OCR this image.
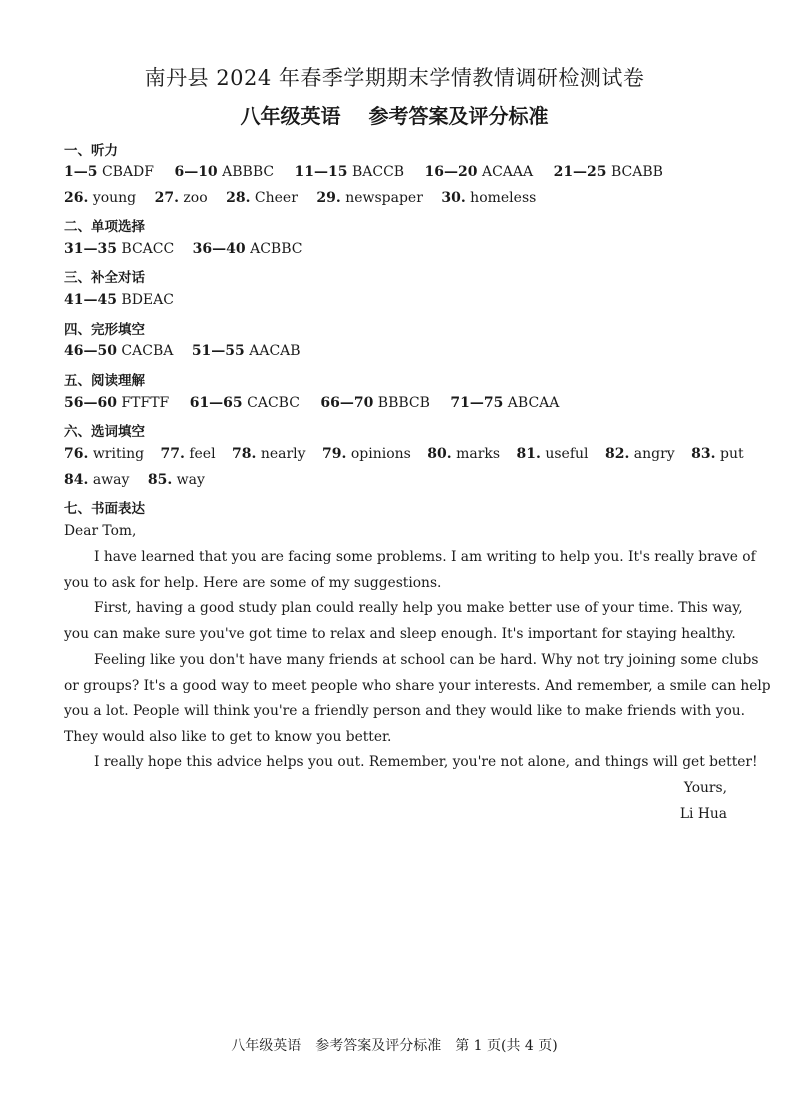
南丹县 2024 年春季学期期末学情教情调研检测试卷
八年级英语 参考答案及评分标准
一、听力
1—5 CBADF 6—10 ABBBC 11—15 BACCB 16—20 ACAAA 21—25 BCABB
26. young 27. zoo 28. Cheer 29. newspaper 30. homeless
二、单项选择
31—35 BCACC 36—40 ACBBC
三、补全对话
41—45 BDEAC
四、完形填空
46—50 CACBA 51—55 AACAB
五、阅读理解
56—60 FTFTF 61—65 CACBC 66—70 BBBCB 71—75 ABCAA
六、选词填空
76. writing 77. feel 78. nearly 79. opinions 80. marks 81. useful 82. angry 83. put
84. away 85. way
七、书面表达
Dear Tom,
I have learned that you are facing some problems. I am writing to help you. It's really brave of
you to ask for help. Here are some of my suggestions.
First, having a good study plan could really help you make better use of your time. This way,
you can make sure you've got time to relax and sleep enough. It's important for staying healthy.
Feeling like you don't have many friends at school can be hard. Why not try joining some clubs
or groups? It's a good way to meet people who share your interests. And remember, a smile can help
you a lot. People will think you're a friendly person and they would like to make friends with you.
They would also like to get to know you better.
I really hope this advice helps you out. Remember, you're not alone, and things will get better!
Yours,
Li Hua
八年级英语　参考答案及评分标准　第 1 页(共 4 页)
